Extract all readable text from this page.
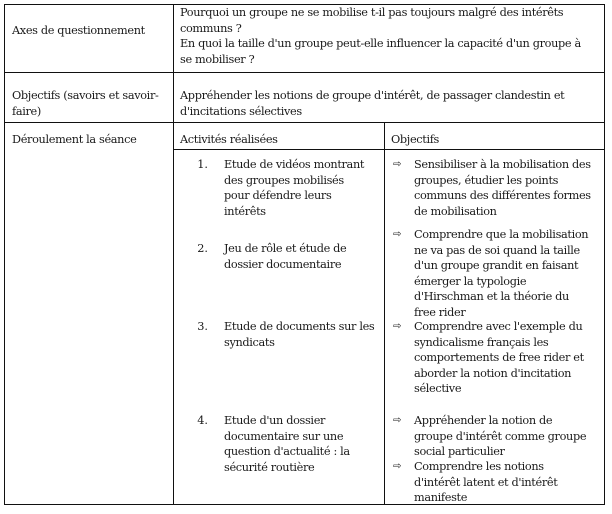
Axes de questionnement
Pourquoi un groupe ne se mobilise t-il pas toujours malgré des intérêts
communs ?
En quoi la taille d'un groupe peut-elle influencer la capacité d'un groupe à
se mobiliser ?
Objectifs (savoirs et savoir-
faire)
Appréhender les notions de groupe d'intérêt, de passager clandestin et
d'incitations sélectives
Déroulement la séance	Activités réalisées	Objectifs
1. Etude de vidéos montrant
des groupes mobilisés
pour défendre leurs
intérêts
2. Jeu de rôle et étude de
dossier documentaire
3. Etude de documents sur les
syndicats
4. Etude d'un dossier
documentaire sur une
question d'actualité : la
sécurité routière
⇨ Sensibiliser à la mobilisation des
groupes, étudier les points
communs des différentes formes
de mobilisation
⇨ Comprendre que la mobilisation
ne va pas de soi quand la taille
d'un groupe grandit en faisant
émerger la typologie
d'Hirschman et la théorie du
free rider
⇨ Comprendre avec l'exemple du
syndicalisme français les
comportements de free rider et
aborder la notion d'incitation
sélective
⇨ Appréhender la notion de
groupe d'intérêt comme groupe
social particulier
⇨ Comprendre les notions
d'intérêt latent et d'intérêt
manifeste
